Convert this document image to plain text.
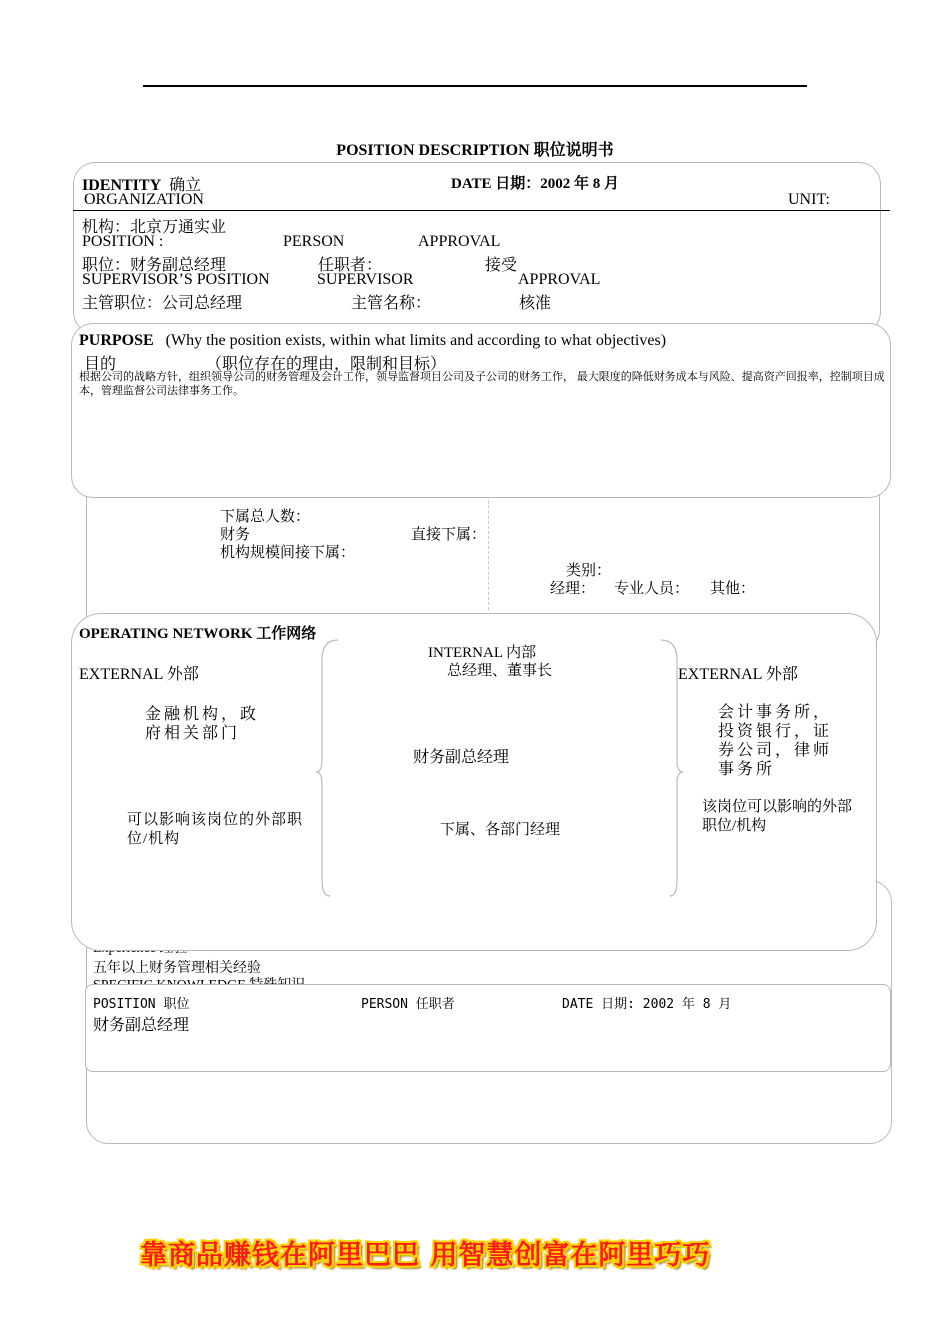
POSITION DESCRIPTION 职位说明书
IDENTITY 确立	DATE 日期：2002 年 8 月
ORGANIZATION	UNIT:
机构：北京万通实业
POSITION :	PERSON	APPROVAL
职位：财务副总经理	任职者：	接受
SUPERVISOR’S POSITION	SUPERVISOR	APPROVAL
主管职位：公司总经理	主管名称：	核准
下属总人数：
财务	直接下属：
机构规模间接下属：
类别：
经理： 专业人员： 其他：
PURPOSE (Why the position exists, within what limits and according to what objectives)
目的	（职位存在的理由，限制和目标）
根据公司的战略方针，组织领导公司的财务管理及会计工作，领导监督项目公司及子公司的财务工作， 最大限度的降低财务成本与风险、提高资产回报率，控制项目成本，管理监督公司法律事务工作。
五年以上财务管理相关经验
POSITION 职位	PERSON 任职者	DATE 日期: 2002 年 8 月
财务副总经理
OPERATING NETWORK 工作网络
INTERNAL 内部
EXTERNAL 外部	总经理、董事长	EXTERNAL 外部
金融机构，政府相关部门
财务副总经理
会计事务所，投资银行，证券公司，律师事务所
可以影响该岗位的外部职位/机构
下属、各部门经理
该岗位可以影响的外部职位/机构
靠商品赚钱在阿里巴巴 用智慧创富在阿里巧巧
